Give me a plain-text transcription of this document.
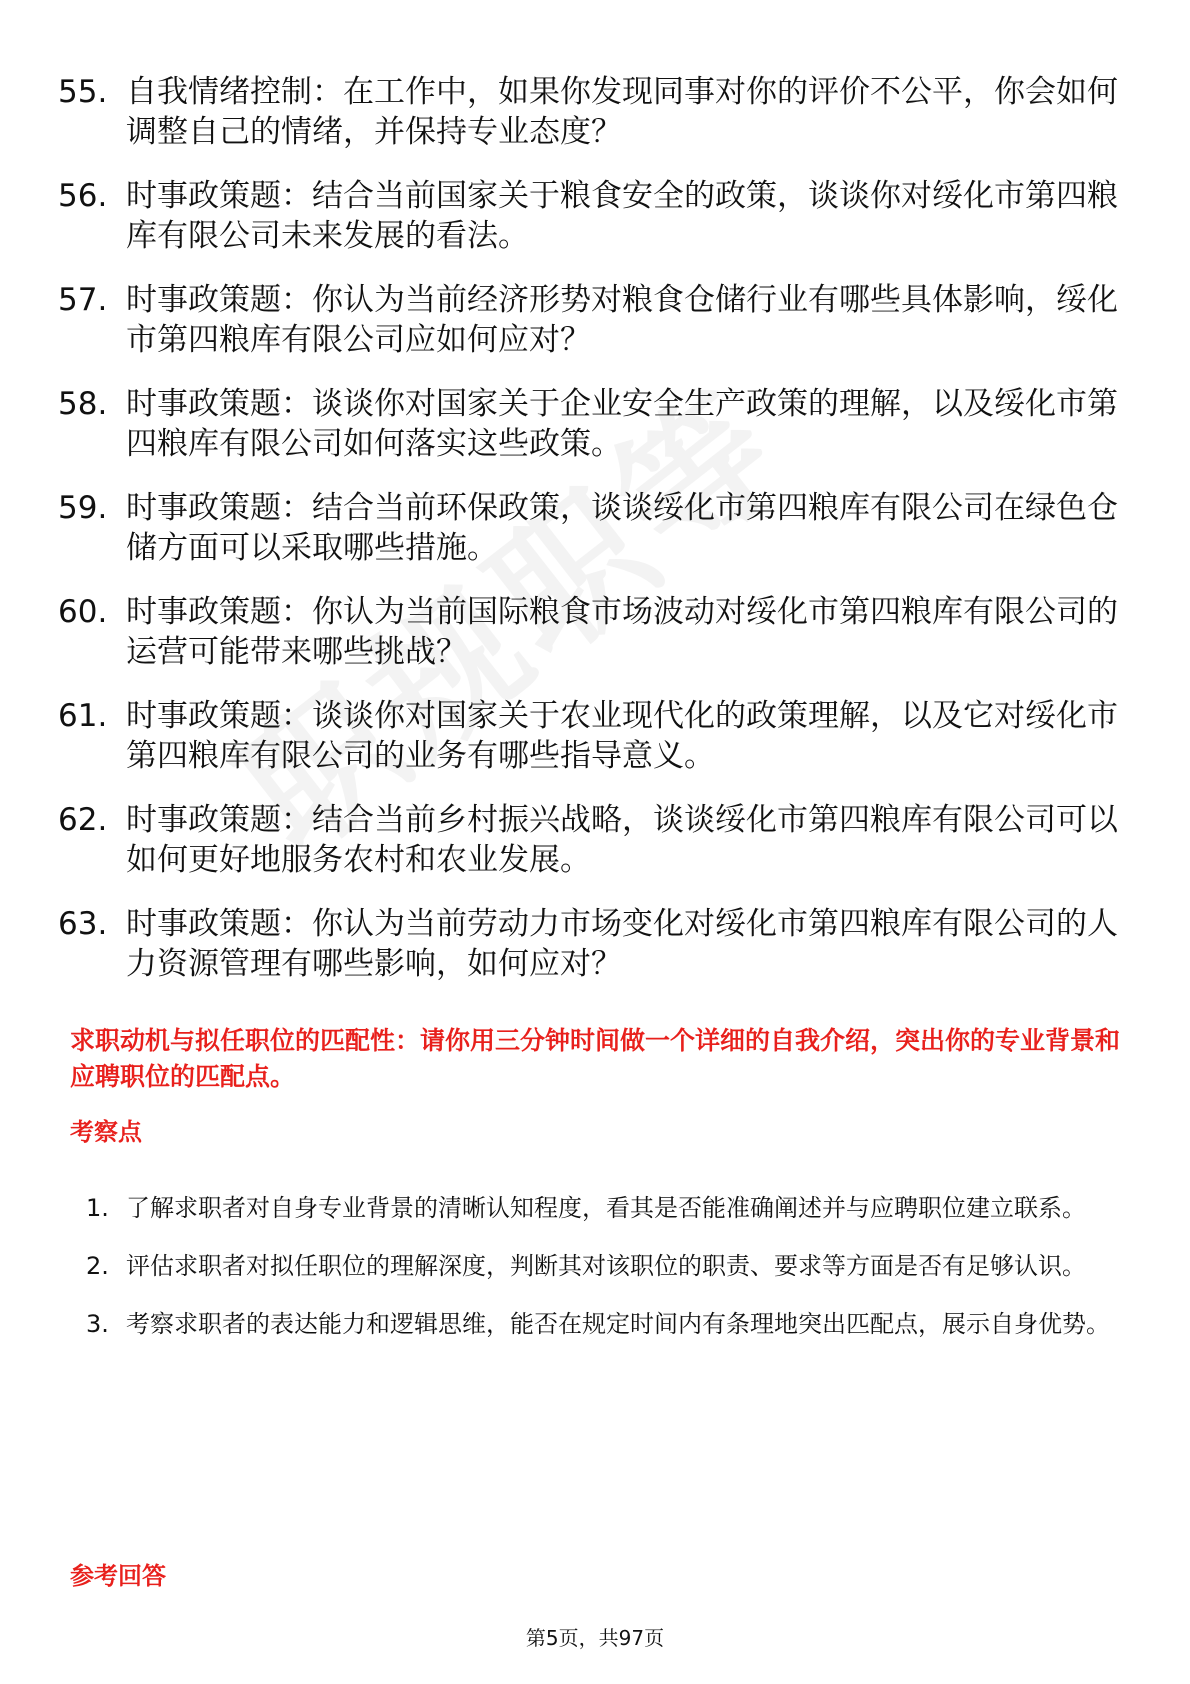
55. 自我情绪控制：在工作中，如果你发现同事对你的评价不公平，你会如何调整自己的情绪，并保持专业态度？
56. 时事政策题：结合当前国家关于粮食安全的政策，谈谈你对绥化市第四粮库有限公司未来发展的看法。
57. 时事政策题：你认为当前经济形势对粮食仓储行业有哪些具体影响，绥化市第四粮库有限公司应如何应对？
58. 时事政策题：谈谈你对国家关于企业安全生产政策的理解，以及绥化市第四粮库有限公司如何落实这些政策。
59. 时事政策题：结合当前环保政策，谈谈绥化市第四粮库有限公司在绿色仓储方面可以采取哪些措施。
60. 时事政策题：你认为当前国际粮食市场波动对绥化市第四粮库有限公司的运营可能带来哪些挑战？
61. 时事政策题：谈谈你对国家关于农业现代化的政策理解，以及它对绥化市第四粮库有限公司的业务有哪些指导意义。
62. 时事政策题：结合当前乡村振兴战略，谈谈绥化市第四粮库有限公司可以如何更好地服务农村和农业发展。
63. 时事政策题：你认为当前劳动力市场变化对绥化市第四粮库有限公司的人力资源管理有哪些影响，如何应对？
求职动机与拟任职位的匹配性：请你用三分钟时间做一个详细的自我介绍，突出你的专业背景和应聘职位的匹配点。
考察点
1. 了解求职者对自身专业背景的清晰认知程度，看其是否能准确阐述并与应聘职位建立联系。
2. 评估求职者对拟任职位的理解深度，判断其对该职位的职责、要求等方面是否有足够认识。
3. 考察求职者的表达能力和逻辑思维，能否在规定时间内有条理地突出匹配点，展示自身优势。
参考回答
第5页，共97页
